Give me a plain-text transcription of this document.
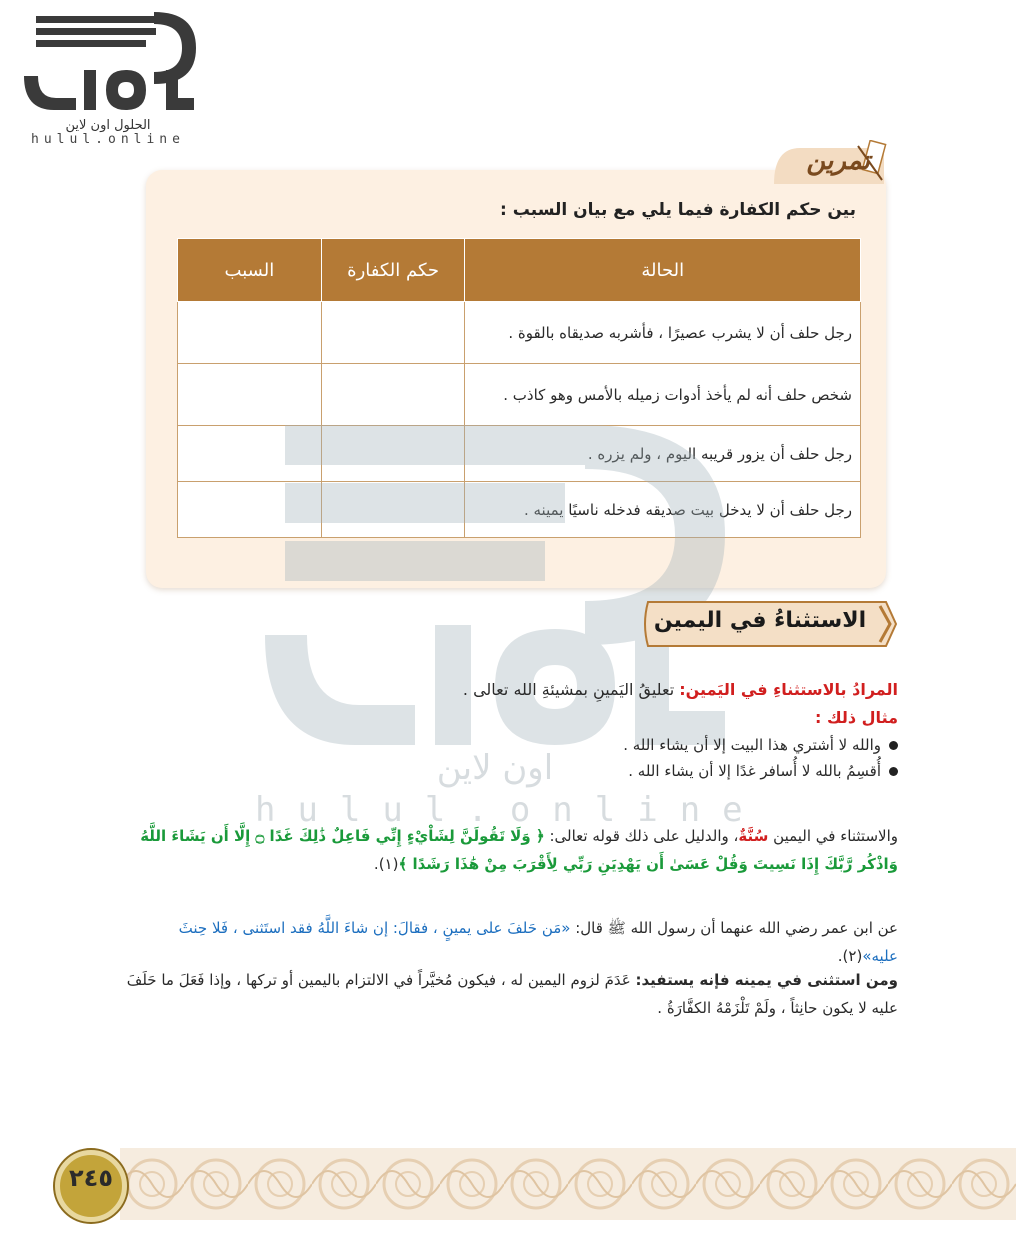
الحلول اون لاين
hulul.online
تمرين
بين حكم الكفارة فيما يلي مع بيان السبب :
الحالة	حكم الكفارة	السبب
رجل حلف أن لا يشرب عصيرًا ، فأشربه صديقاه بالقوة .		
شخص حلف أنه لم يأخذ أدوات زميله بالأمس وهو كاذب .		
رجل حلف أن يزور قريبه اليوم ، ولم يزره .		
رجل حلف أن لا يدخل بيت صديقه فدخله ناسيًا يمينه .		
اون لاين
hulul.online
الاستثناءُ في اليمين
المرادُ بالاستثناءِ في اليَمين: تعليقُ اليَمينِ بمشيئةِ الله تعالى .
مثال ذلك :
والله لا أشتري هذا البيت إلا أن يشاء الله .
أُقسِمُ بالله لا أُسافر غدًا إلا أن يشاء الله .
والاستثناء في اليمين سُنَّةٌ، والدليل على ذلك قوله تعالى: ﴿ وَلَا تَقُولَنَّ لِشَاْيْءٍ إِنِّي فَاعِلٌ ذَٰلِكَ غَدًا ۝ إِلَّا أَن يَشَاءَ اللَّهُ وَاذْكُر رَّبَّكَ إِذَا نَسِيتَ وَقُلْ عَسَىٰ أَن يَهْدِيَنِ رَبِّي لِأَقْرَبَ مِنْ هَٰذَا رَشَدًا ﴾(١).
عن ابن عمر رضي الله عنهما أن رسول الله ﷺ قال: «مَن حَلفَ على يمينٍ ، فقالَ: إن شاءَ اللَّهُ فقد استَثنى ، فَلا حِنثَ عليه»(٢).
ومن استثنى في يمينه فإنه يستفيد: عَدَمَ لزوم اليمين له ، فيكون مُخيَّراً في الالتزام باليمين أو تركها ، وإذا فَعَلَ ما حَلَفَ عليه لا يكون حانِثاً ، ولَمْ تَلْزَمْهُ الكفَّارَةُ .
٢٤٥
